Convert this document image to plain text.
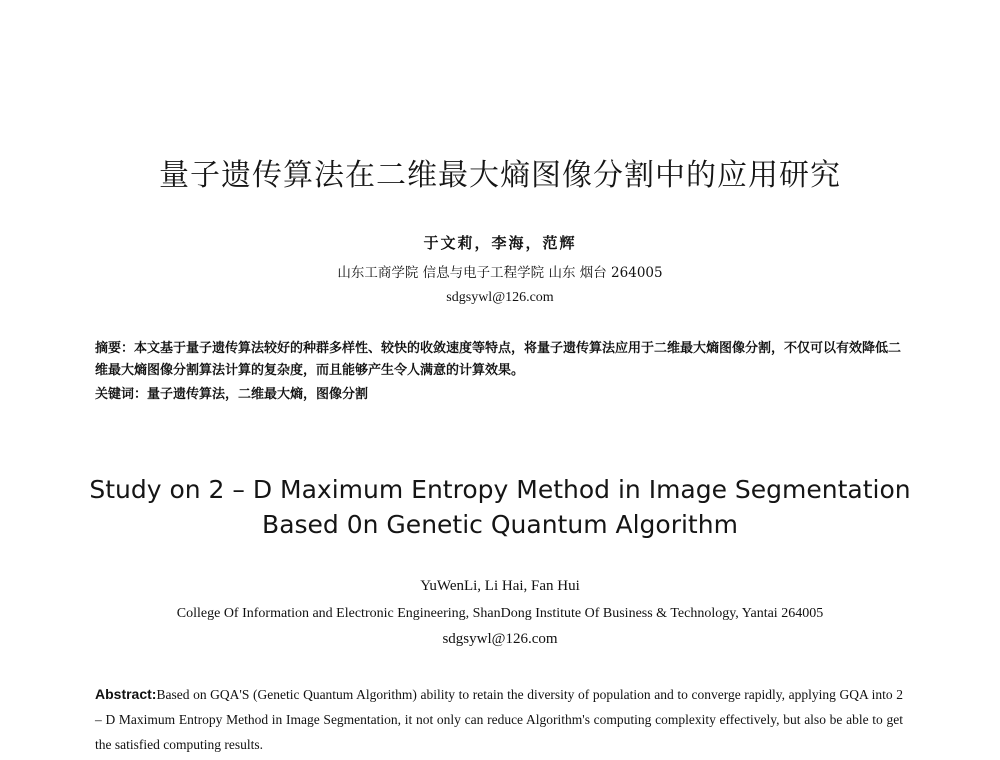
量子遗传算法在二维最大熵图像分割中的应用研究
于文莉，李海，范辉
山东工商学院 信息与电子工程学院 山东 烟台 264005
sdgsywl@126.com
摘要：本文基于量子遗传算法较好的种群多样性、较快的收敛速度等特点，将量子遗传算法应用于二维最大熵图像分割，不仅可以有效降低二维最大熵图像分割算法计算的复杂度，而且能够产生令人满意的计算效果。
关键词：量子遗传算法，二维最大熵，图像分割
Study on 2 – D Maximum Entropy Method in Image Segmentation
Based 0n Genetic Quantum Algorithm
YuWenLi, Li Hai, Fan Hui
College Of Information and Electronic Engineering, ShanDong Institute Of Business & Technology, Yantai 264005
sdgsywl@126.com
Abstract:Based on GQA'S (Genetic Quantum Algorithm) ability to retain the diversity of population and to converge rapidly, applying GQA into 2 – D Maximum Entropy Method in Image Segmentation, it not only can reduce Algorithm's computing complexity effectively, but also be able to get the satisfied computing results.
